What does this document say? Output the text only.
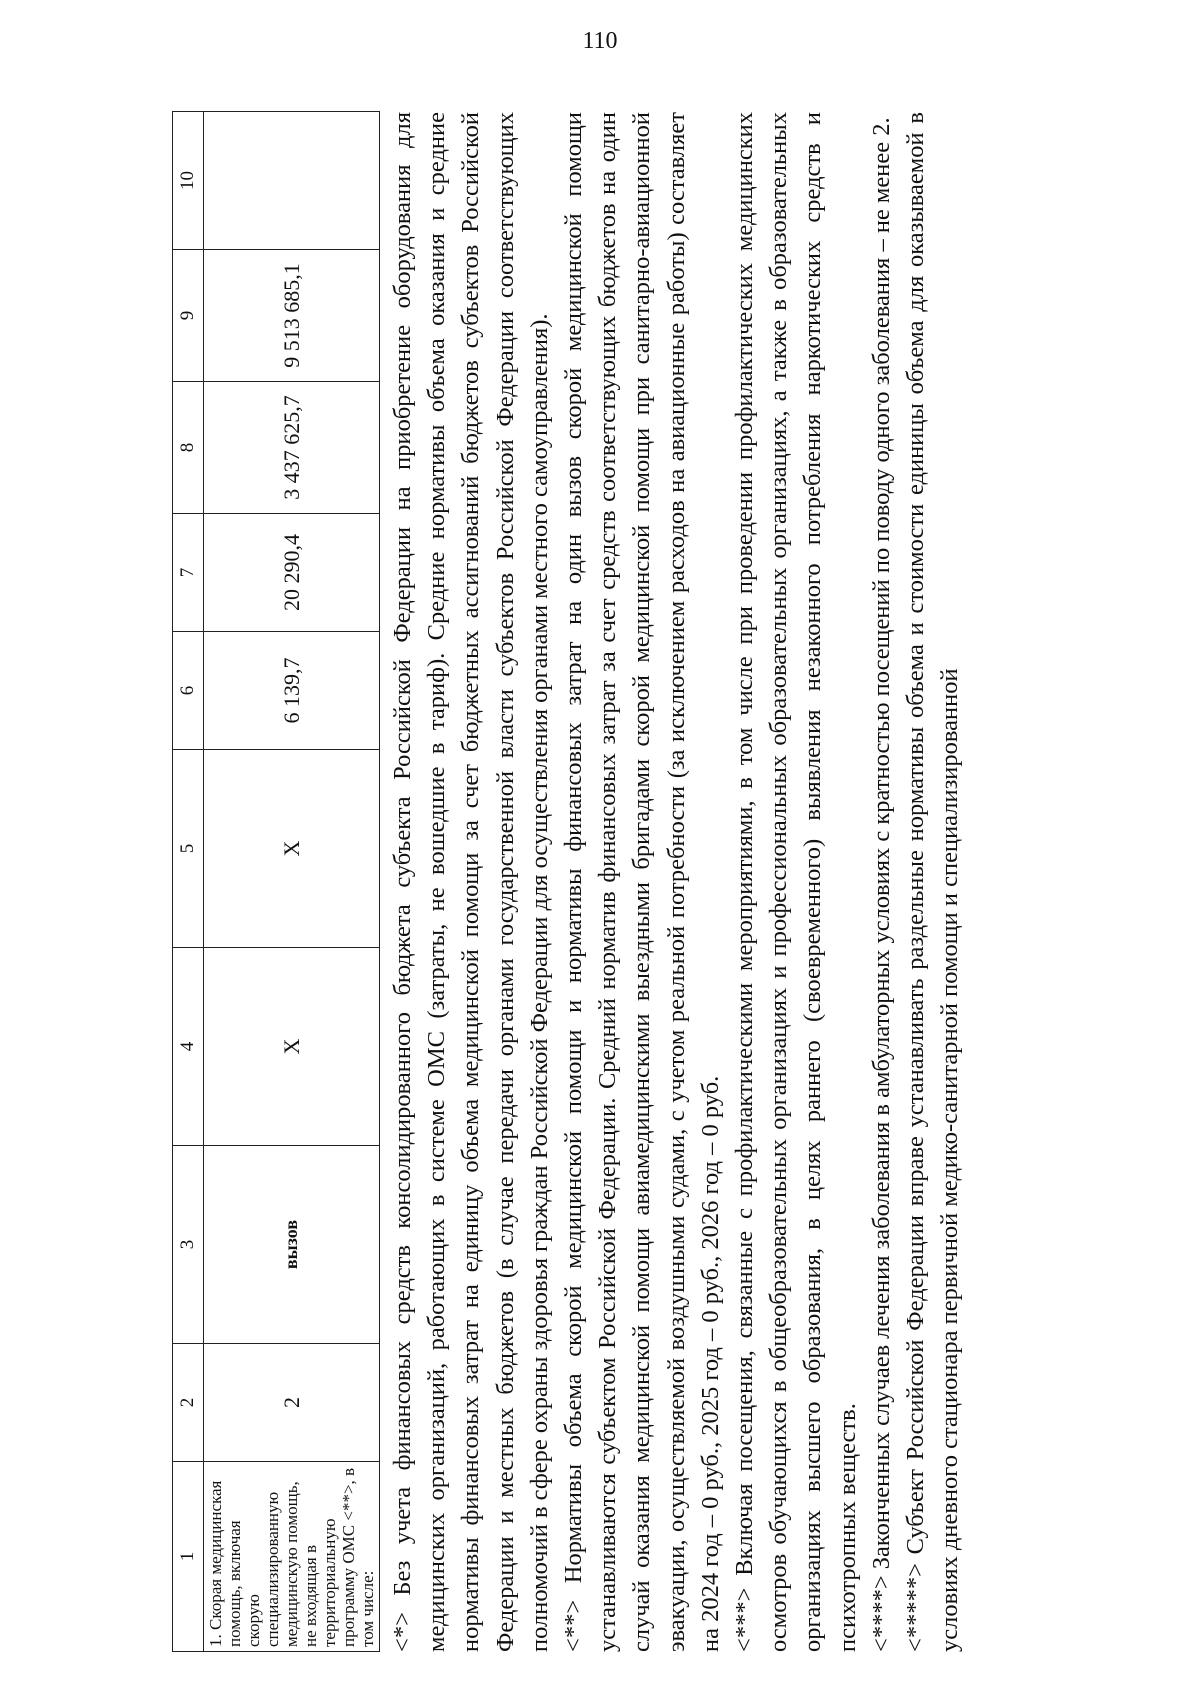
110
1	2	3	4	5	6	7	8	9	10
1. Скорая медицинская помощь, включая скорую специализированную медицинскую помощь, не входящая в территориальную программу ОМС <**>, в том числе:	2	вызов	Х	Х	6 139,7	20 290,4	3 437 625,7	9 513 685,1		<*> Без учета финансовых средств консолидированного бюджета субъекта Российской Федерации на приобретение оборудования для медицинских организаций, работающих в системе ОМС (затраты, не вошедшие в тариф). Средние нормативы объема оказания и средние нормативы финансовых затрат на единицу объема медицинской помощи за счет бюджетных ассигнований бюджетов субъектов Российской Федерации и местных бюджетов (в случае передачи органами государственной власти субъектов Российской Федерации соответствующих полномочий в сфере охраны здоровья граждан Российской Федерации для осуществления органами местного самоуправления). <**> Нормативы объема скорой медицинской помощи и нормативы финансовых затрат на один вызов скорой медицинской помощи устанавливаются субъектом Российской Федерации. Средний норматив финансовых затрат за счет средств соответствующих бюджетов на один случай оказания медицинской помощи авиамедицинскими выездными бригадами скорой медицинской помощи при санитарно-авиационной эвакуации, осуществляемой воздушными судами, с учетом реальной потребности (за исключением расходов на авиационные работы) составляет на 2024 год – 0 руб., 2025 год – 0 руб., 2026 год – 0 руб. <***> Включая посещения, связанные с профилактическими мероприятиями, в том числе при проведении профилактических медицинских осмотров обучающихся в общеобразовательных организациях и профессиональных образовательных организациях, а также в образовательных организациях высшего образования, в целях раннего (своевременного) выявления незаконного потребления наркотических средств и психотропных веществ. <****> Законченных случаев лечения заболевания в амбулаторных условиях с кратностью посещений по поводу одного заболевания – не менее 2. <*****> Субъект Российской Федерации вправе устанавливать раздельные нормативы объема и стоимости единицы объема для оказываемой в условиях дневного стационара первичной медико-санитарной помощи и специализированной
